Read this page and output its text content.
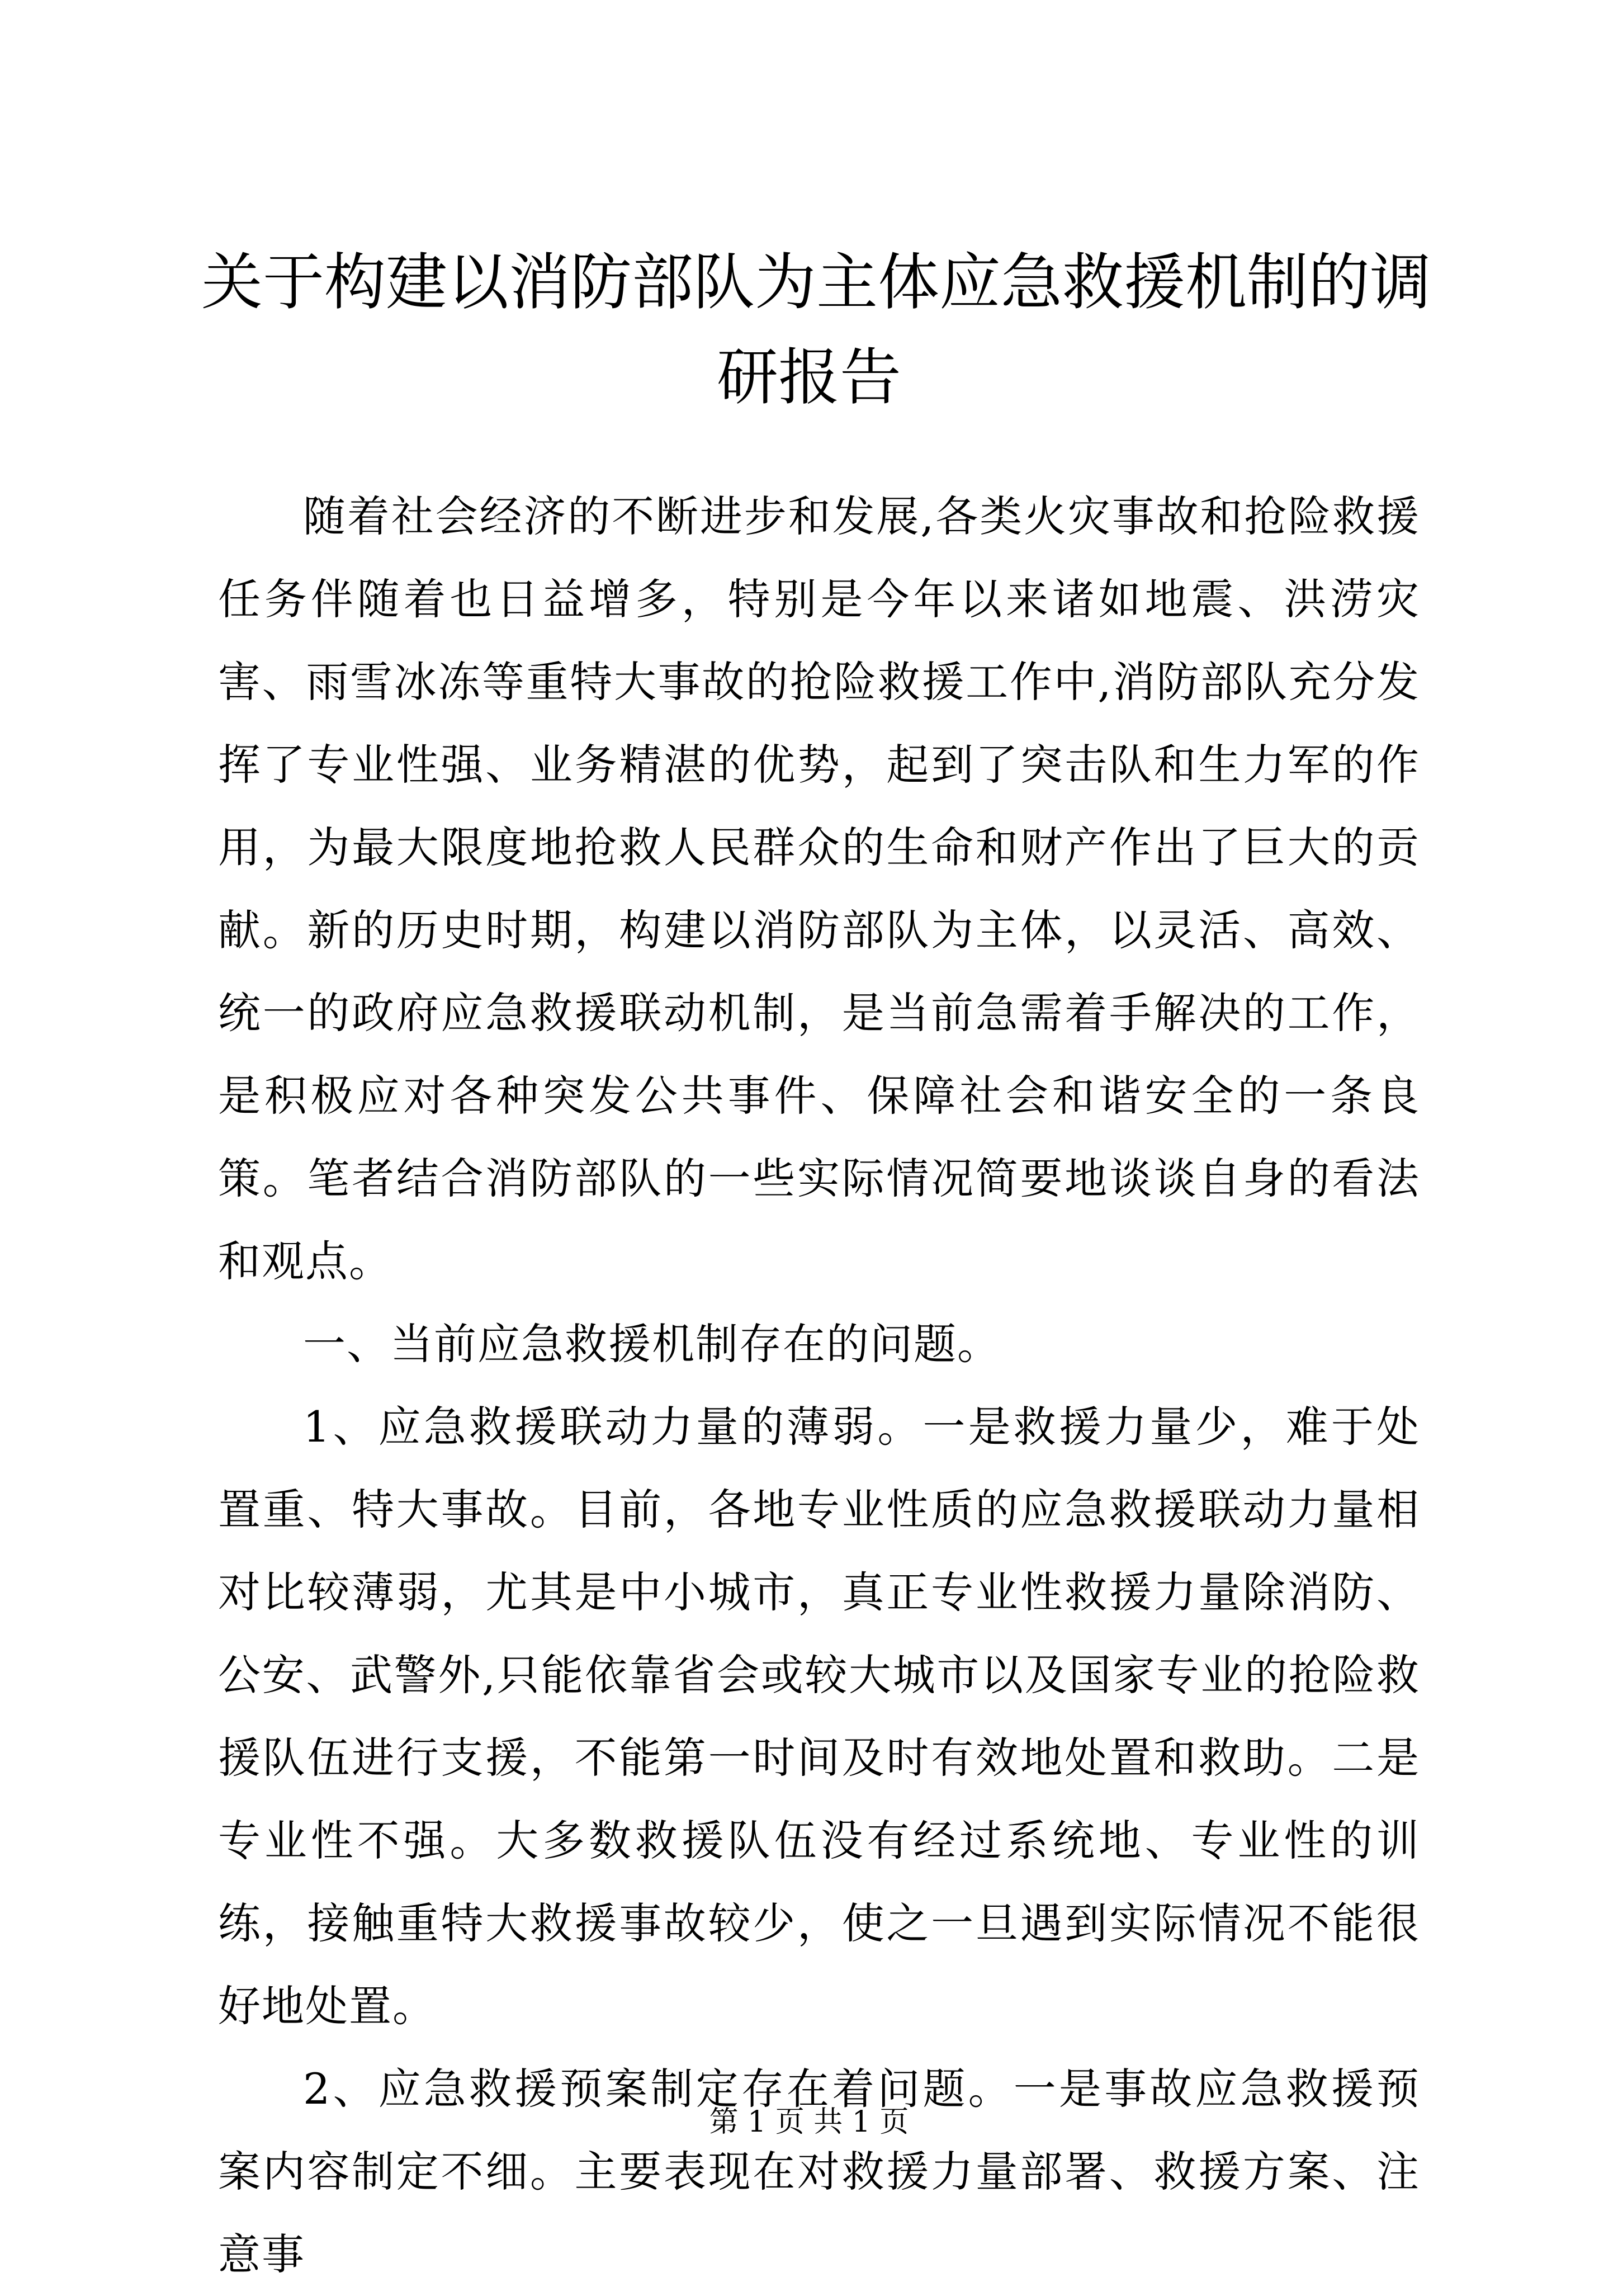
关于构建以消防部队为主体应急救援机制的调
研报告

随着社会经济的不断进步和发展,各类火灾事故和抢险救援任务伴随着也日益增多，特别是今年以来诸如地震、洪涝灾害、雨雪冰冻等重特大事故的抢险救援工作中,消防部队充分发挥了专业性强、业务精湛的优势，起到了突击队和生力军的作用，为最大限度地抢救人民群众的生命和财产作出了巨大的贡献。新的历史时期，构建以消防部队为主体，以灵活、高效、统一的政府应急救援联动机制，是当前急需着手解决的工作，是积极应对各种突发公共事件、保障社会和谐安全的一条良策。笔者结合消防部队的一些实际情况简要地谈谈自身的看法和观点。

一、当前应急救援机制存在的问题。

1、应急救援联动力量的薄弱。一是救援力量少，难于处置重、特大事故。目前，各地专业性质的应急救援联动力量相对比较薄弱，尤其是中小城市，真正专业性救援力量除消防、公安、武警外,只能依靠省会或较大城市以及国家专业的抢险救援队伍进行支援，不能第一时间及时有效地处置和救助。二是专业性不强。大多数救援队伍没有经过系统地、专业性的训练，接触重特大救援事故较少，使之一旦遇到实际情况不能很好地处置。

2、应急救援预案制定存在着问题。一是事故应急救援预案内容制定不细。主要表现在对救援力量部署、救援方案、注意事

第 1 页 共 1 页
